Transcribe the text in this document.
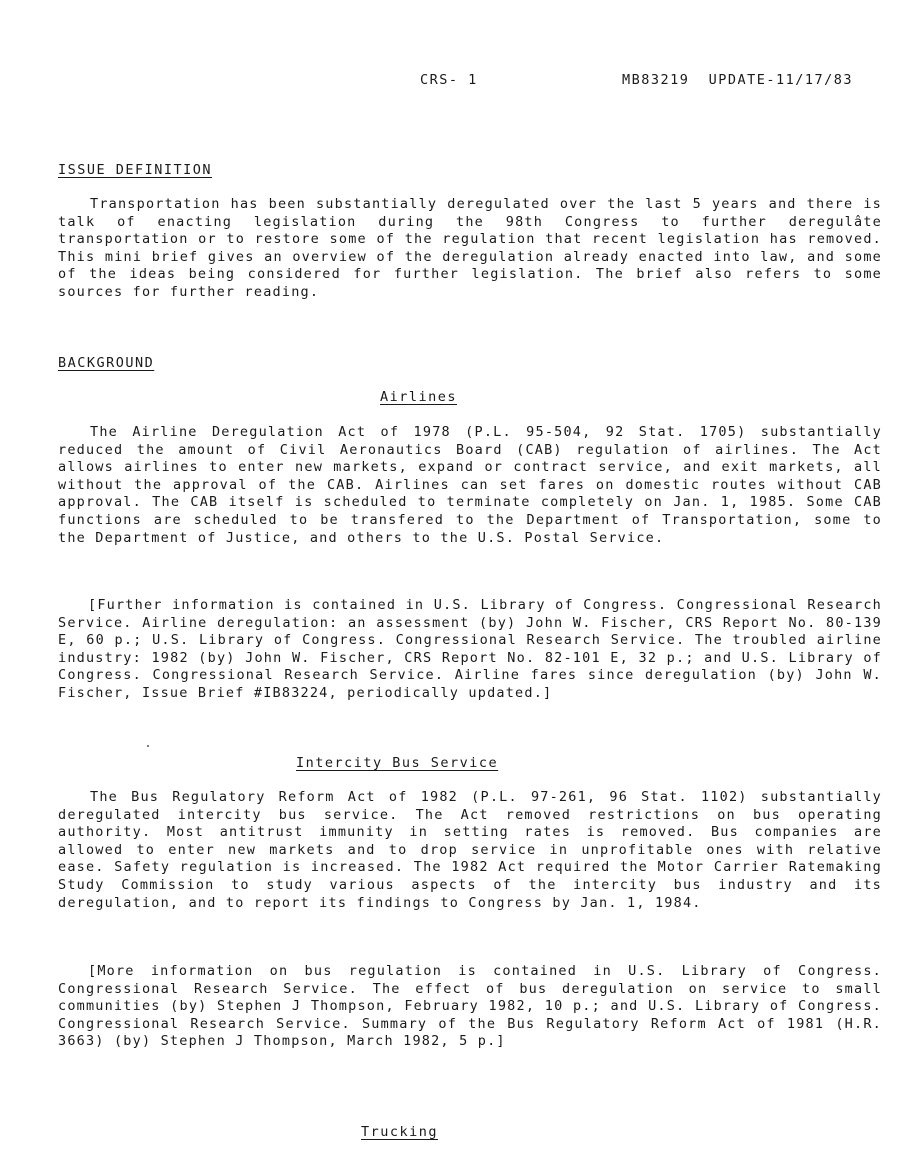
CRS- 1	MB83219  UPDATE-11/17/83
ISSUE DEFINITION

Transportation has been substantially deregulated over the last 5 years and there is talk of enacting legislation during the 98th Congress to further deregulâte transportation or to restore some of the regulation that recent legislation has removed. This mini brief gives an overview of the deregulation already enacted into law, and some of the ideas being considered for further legislation. The brief also refers to some sources for further reading.

BACKGROUND
Airlines

The Airline Deregulation Act of 1978 (P.L. 95-504, 92 Stat. 1705) substantially reduced the amount of Civil Aeronautics Board (CAB) regulation of airlines. The Act allows airlines to enter new markets, expand or contract service, and exit markets, all without the approval of the CAB. Airlines can set fares on domestic routes without CAB approval. The CAB itself is scheduled to terminate completely on Jan. 1, 1985. Some CAB functions are scheduled to be transfered to the Department of Transportation, some to the Department of Justice, and others to the U.S. Postal Service.

[Further information is contained in U.S. Library of Congress. Congressional Research Service. Airline deregulation: an assessment (by) John W. Fischer, CRS Report No. 80-139 E, 60 p.; U.S. Library of Congress. Congressional Research Service. The troubled airline industry: 1982 (by) John W. Fischer, CRS Report No. 82-101 E, 32 p.; and U.S. Library of Congress. Congressional Research Service. Airline fares since deregulation (by) John W. Fischer, Issue Brief #IB83224, periodically updated.]

Intercity Bus Service

The Bus Regulatory Reform Act of 1982 (P.L. 97-261, 96 Stat. 1102) substantially deregulated intercity bus service. The Act removed restrictions on bus operating authority. Most antitrust immunity in setting rates is removed. Bus companies are allowed to enter new markets and to drop service in unprofitable ones with relative ease. Safety regulation is increased. The 1982 Act required the Motor Carrier Ratemaking Study Commission to study various aspects of the intercity bus industry and its deregulation, and to report its findings to Congress by Jan. 1, 1984.

[More information on bus regulation is contained in U.S. Library of Congress. Congressional Research Service. The effect of bus deregulation on service to small communities (by) Stephen J Thompson, February 1982, 10 p.; and U.S. Library of Congress. Congressional Research Service. Summary of the Bus Regulatory Reform Act of 1981 (H.R. 3663) (by) Stephen J Thompson, March 1982, 5 p.]

Trucking
